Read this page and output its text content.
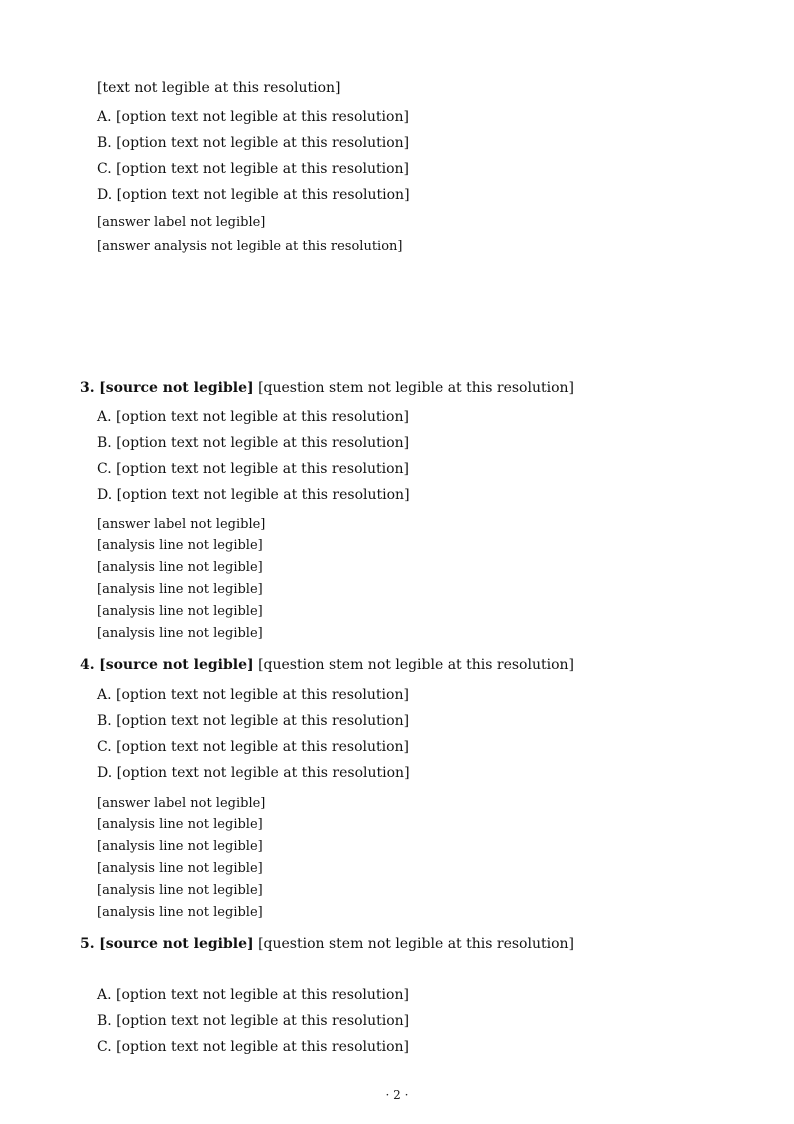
[text not legible at this resolution]
A. [option text not legible at this resolution]
B. [option text not legible at this resolution]
C. [option text not legible at this resolution]
D. [option text not legible at this resolution]
[answer label not legible]
[answer analysis not legible at this resolution]
3. [source not legible] [question stem not legible at this resolution]
A. [option text not legible at this resolution]
B. [option text not legible at this resolution]
C. [option text not legible at this resolution]
D. [option text not legible at this resolution]
[answer label not legible]
[analysis line not legible]
[analysis line not legible]
[analysis line not legible]
[analysis line not legible]
[analysis line not legible]
4. [source not legible] [question stem not legible at this resolution]
A. [option text not legible at this resolution]
B. [option text not legible at this resolution]
C. [option text not legible at this resolution]
D. [option text not legible at this resolution]
[answer label not legible]
[analysis line not legible]
[analysis line not legible]
[analysis line not legible]
[analysis line not legible]
[analysis line not legible]
5. [source not legible] [question stem not legible at this resolution]
A. [option text not legible at this resolution]
B. [option text not legible at this resolution]
C. [option text not legible at this resolution]
· 2 ·
